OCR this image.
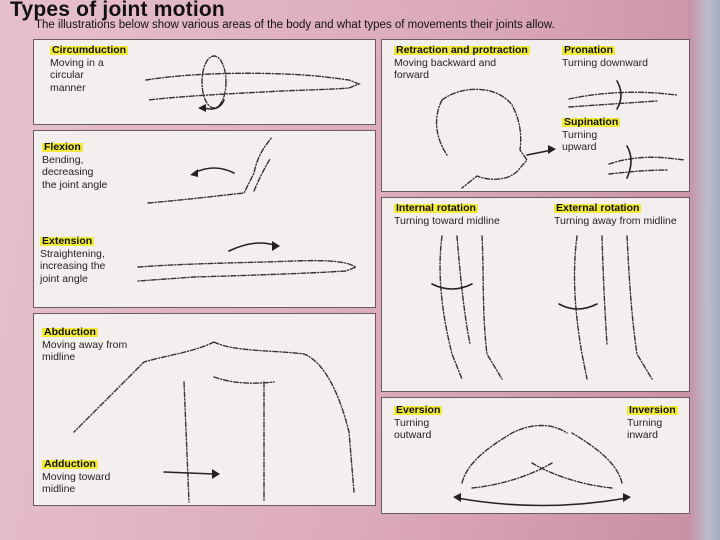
Types of joint motion
The illustrations below show various areas of the body and what types of movements their joints allow.
Circumduction
Moving in a
circular
manner
Flexion
Bending,
decreasing
the joint angle
Extension
Straightening,
increasing the
joint angle
Abduction
Moving away from
midline
Adduction
Moving toward
midline
Retraction and protraction
Moving backward and
forward
Pronation
Turning downward
Supination
Turning
upward
Internal rotation
Turning toward midline
External rotation
Turning away from midline
Eversion
Turning
outward
Inversion
Turning
inward
